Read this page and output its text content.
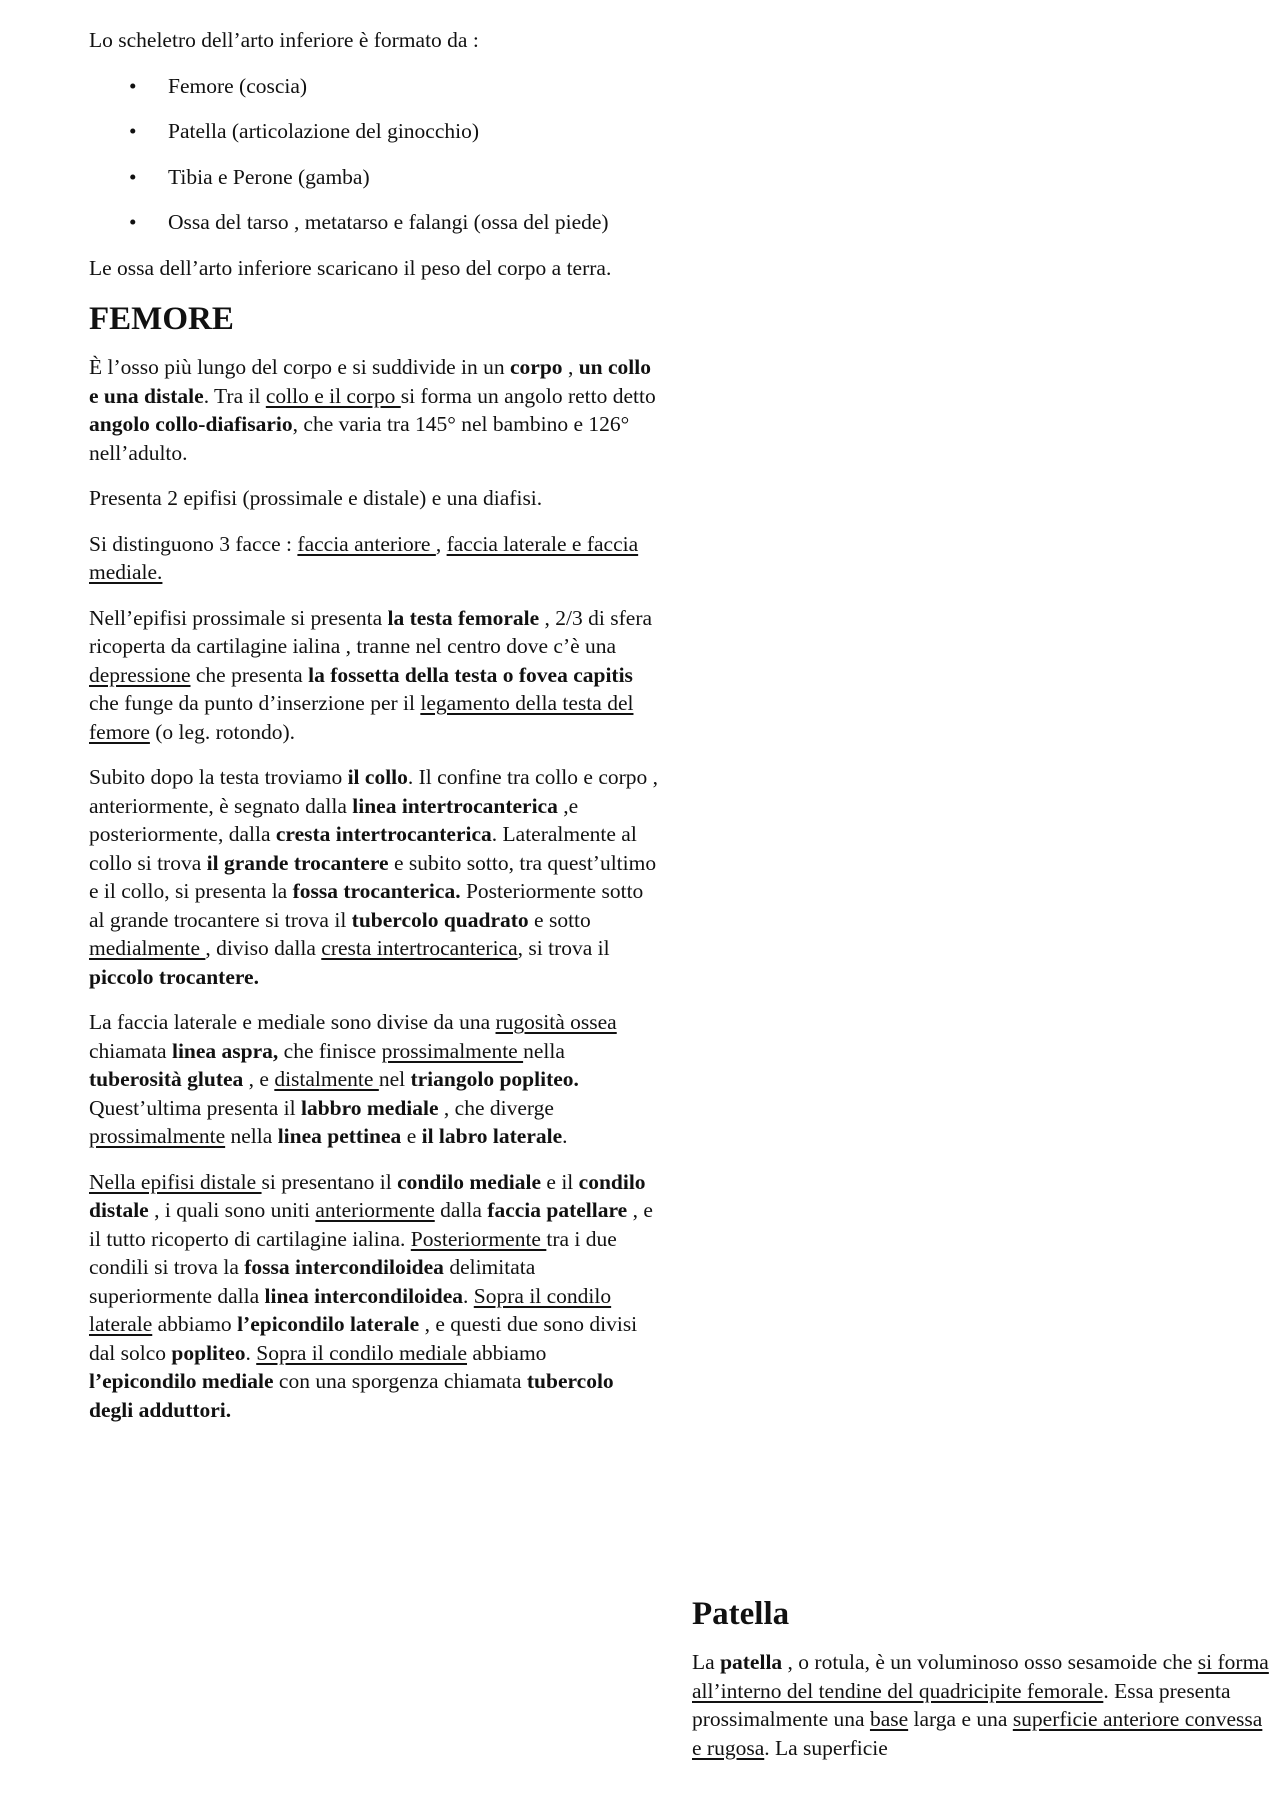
Lo scheletro dell’arto inferiore è formato da :

• Femore (coscia)
• Patella (articolazione del ginocchio)
• Tibia e Perone (gamba)
• Ossa del tarso , metatarso e falangi (ossa del piede)

Le ossa dell’arto inferiore scaricano il peso del corpo a terra.

FEMORE

È l’osso più lungo del corpo e si suddivide in un corpo , un collo e una distale. Tra il collo e il corpo si forma un angolo retto detto angolo collo-diafisario, che varia tra 145° nel bambino e 126° nell’adulto.

Presenta 2 epifisi (prossimale e distale) e una diafisi.

Si distinguono 3 facce : faccia anteriore , faccia laterale e faccia mediale.

Nell’epifisi prossimale si presenta la testa femorale , 2/3 di sfera ricoperta da cartilagine ialina , tranne nel centro dove c’è una depressione che presenta la fossetta della testa o fovea capitis che funge da punto d’inserzione per il legamento della testa del femore (o leg. rotondo).

Subito dopo la testa troviamo il collo. Il confine tra collo e corpo , anteriormente, è segnato dalla linea intertrocanterica ,e posteriormente, dalla cresta intertrocanterica. Lateralmente al collo si trova il grande trocantere e subito sotto, tra quest’ultimo e il collo, si presenta la fossa trocanterica. Posteriormente sotto al grande trocantere si trova il tubercolo quadrato e sotto medialmente , diviso dalla cresta intertrocanterica, si trova il piccolo trocantere.

La faccia laterale e mediale sono divise da una rugosità ossea chiamata linea aspra, che finisce prossimalmente nella tuberosità glutea , e distalmente nel triangolo popliteo. Quest’ultima presenta il labbro mediale , che diverge prossimalmente nella linea pettinea e il labro laterale.

Nella epifisi distale si presentano il condilo mediale e il condilo distale , i quali sono uniti anteriormente dalla faccia patellare , e il tutto ricoperto di cartilagine ialina. Posteriormente tra i due condili si trova la fossa intercondiloidea delimitata superiormente dalla linea intercondiloidea. Sopra il condilo laterale abbiamo l’epicondilo laterale , e questi due sono divisi dal solco popliteo. Sopra il condilo mediale abbiamo l’epicondilo mediale con una sporgenza chiamata tubercolo degli adduttori.

Patella

La patella , o rotula, è un voluminoso osso sesamoide che si forma all’interno del tendine del quadricipite femorale. Essa presenta prossimalmente una base larga e una superficie anteriore convessa e rugosa. La superficie
